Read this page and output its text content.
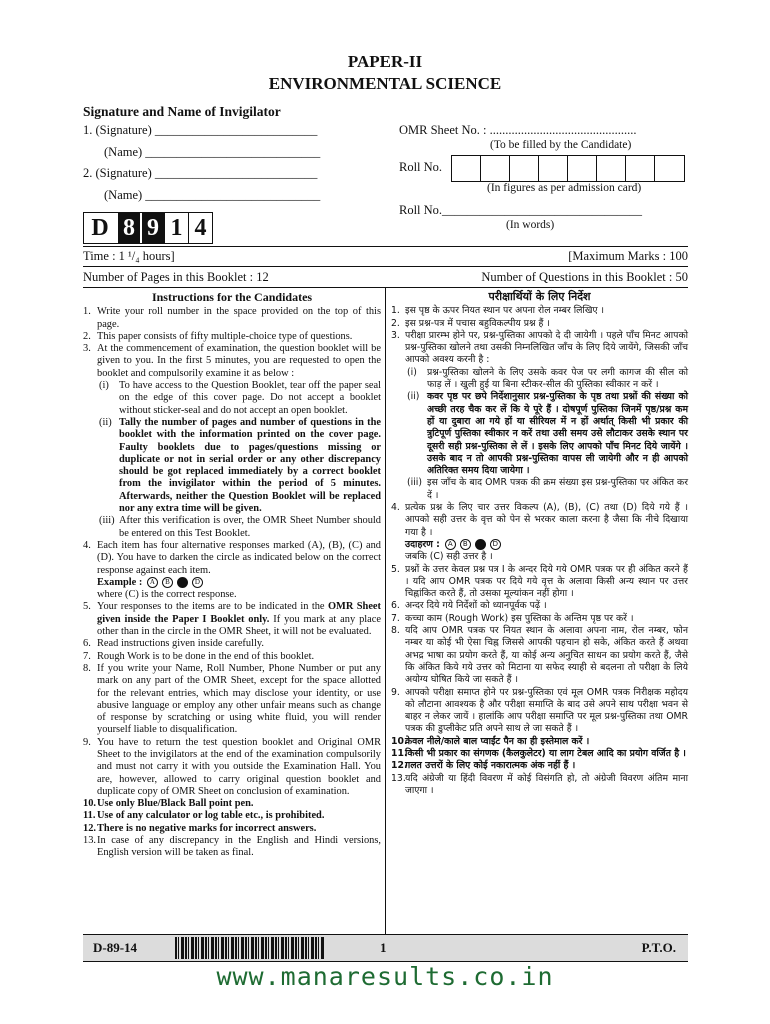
PAPER-II
ENVIRONMENTAL SCIENCE
Signature and Name of Invigilator
1. (Signature) __________________________
(Name) ____________________________
2. (Signature) __________________________
(Name) ____________________________
OMR Sheet No. : ...............................................
(To be filled by the Candidate)
Roll No.
(In figures as per admission card)
Roll No.________________________________
(In words)
D 8 9 1 4
Time : 1 ¹/₄ hours]	[Maximum Marks : 100
Number of Pages in this Booklet : 12	Number of Questions in this Booklet : 50
Instructions for the Candidates
1. Write your roll number in the space provided on the top of this page.
2. This paper consists of fifty multiple-choice type of questions.
3. At the commencement of examination, the question booklet will be given to you. In the first 5 minutes, you are requested to open the booklet and compulsorily examine it as below :
(i) To have access to the Question Booklet, tear off the paper seal on the edge of this cover page. Do not accept a booklet without sticker-seal and do not accept an open booklet.
(ii) Tally the number of pages and number of questions in the booklet with the information printed on the cover page. Faulty booklets due to pages/questions missing or duplicate or not in serial order or any other discrepancy should be got replaced immediately by a correct booklet from the invigilator within the period of 5 minutes. Afterwards, neither the Question Booklet will be replaced nor any extra time will be given.
(iii) After this verification is over, the OMR Sheet Number should be entered on this Test Booklet.
4. Each item has four alternative responses marked (A), (B), (C) and (D). You have to darken the circle as indicated below on the correct response against each item.
Example : A B	D
where (C) is the correct response.
5. Your responses to the items are to be indicated in the OMR Sheet given inside the Paper I Booklet only. If you mark at any place other than in the circle in the OMR Sheet, it will not be evaluated.
6. Read instructions given inside carefully.
7. Rough Work is to be done in the end of this booklet.
8. If you write your Name, Roll Number, Phone Number or put any mark on any part of the OMR Sheet, except for the space allotted for the relevant entries, which may disclose your identity, or use abusive language or employ any other unfair means such as change of response by scratching or using white fluid, you will render yourself liable to disqualification.
9. You have to return the test question booklet and Original OMR Sheet to the invigilators at the end of the examination compulsorily and must not carry it with you outside the Examination Hall. You are, however, allowed to carry original question booklet and duplicate copy of OMR Sheet on conclusion of examination.
10. Use only Blue/Black Ball point pen.
11. Use of any calculator or log table etc., is prohibited.
12. There is no negative marks for incorrect answers.
13. In case of any discrepancy in the English and Hindi versions, English version will be taken as final.
परीक्षार्थियों के लिए निर्देश
1. इस पृष्ठ के ऊपर नियत स्थान पर अपना रोल नम्बर लिखिए ।
2. इस प्रश्न-पत्र में पचास बहुविकल्पीय प्रश्न हैं ।
3. परीक्षा प्रारम्भ होने पर, प्रश्न-पुस्तिका आपको दे दी जायेगी । पहले पाँच मिनट आपको प्रश्न-पुस्तिका खोलने तथा उसकी निम्नलिखित जाँच के लिए दिये जायेंगे, जिसकी जाँच आपको अवश्य करनी है :
(i) प्रश्न-पुस्तिका खोलने के लिए उसके कवर पेज पर लगी कागज की सील को फाड़ लें । खुली हुई या बिना स्टीकर-सील की पुस्तिका स्वीकार न करें ।
(ii) कवर पृष्ठ पर छपे निर्देशानुसार प्रश्न-पुस्तिका के पृष्ठ तथा प्रश्नों की संख्या को अच्छी तरह चैक कर लें कि ये पूरे हैं । दोषपूर्ण पुस्तिका जिनमें पृष्ठ/प्रश्न कम हों या दुबारा आ गये हों या सीरियल में न हों अर्थात् किसी भी प्रकार की त्रुटिपूर्ण पुस्तिका स्वीकार न करें तथा उसी समय उसे लौटाकर उसके स्थान पर दूसरी सही प्रश्न-पुस्तिका ले लें । इसके लिए आपको पाँच मिनट दिये जायेंगे । उसके बाद न तो आपकी प्रश्न-पुस्तिका वापस ली जायेगी और न ही आपको अतिरिक्त समय दिया जायेगा ।
(iii) इस जाँच के बाद OMR पत्रक की क्रम संख्या इस प्रश्न-पुस्तिका पर अंकित कर दें ।
4. प्रत्येक प्रश्न के लिए चार उत्तर विकल्प (A), (B), (C) तथा (D) दिये गये हैं । आपको सही उत्तर के वृत्त को पेन से भरकर काला करना है जैसा कि नीचे दिखाया गया है ।
उदाहरण : A B	D
जबकि (C) सही उत्तर है ।
5. प्रश्नों के उत्तर केवल प्रश्न पत्र I के अन्दर दिये गये OMR पत्रक पर ही अंकित करने हैं । यदि आप OMR पत्रक पर दिये गये वृत्त के अलावा किसी अन्य स्थान पर उत्तर चिह्नांकित करते हैं, तो उसका मूल्यांकन नहीं होगा ।
6. अन्दर दिये गये निर्देशों को ध्यानपूर्वक पढ़ें ।
7. कच्चा काम (Rough Work) इस पुस्तिका के अन्तिम पृष्ठ पर करें ।
8. यदि आप OMR पत्रक पर नियत स्थान के अलावा अपना नाम, रोल नम्बर, फोन नम्बर या कोई भी ऐसा चिह्न जिससे आपकी पहचान हो सके, अंकित करते हैं अथवा अभद्र भाषा का प्रयोग करते हैं, या कोई अन्य अनुचित साधन का प्रयोग करते हैं, जैसे कि अंकित किये गये उत्तर को मिटाना या सफेद स्याही से बदलना तो परीक्षा के लिये अयोग्य घोषित किये जा सकते हैं ।
9. आपको परीक्षा समाप्त होने पर प्रश्न-पुस्तिका एवं मूल OMR पत्रक निरीक्षक महोदय को लौटाना आवश्यक है और परीक्षा समाप्ति के बाद उसे अपने साथ परीक्षा भवन से बाहर न लेकर जायें । हालांकि आप परीक्षा समाप्ति पर मूल प्रश्न-पुस्तिका तथा OMR पत्रक की डुप्लीकेट प्रति अपने साथ ले जा सकते हैं ।
10.
केवल नीले/काले बाल प्वाईंट पैन का ही इस्तेमाल करें ।
11.
किसी भी प्रकार का संगणक (कैलकुलेटर) या लाग टेबल आदि का प्रयोग वर्जित है ।
12.
गलत उत्तरों के लिए कोई नकारात्मक अंक नहीं हैं ।
13. यदि अंग्रेजी या हिंदी विवरण में कोई विसंगति हो, तो अंग्रेजी विवरण अंतिम माना जाएगा ।
D-89-14	1	P.T.O.
www.manaresults.co.in
